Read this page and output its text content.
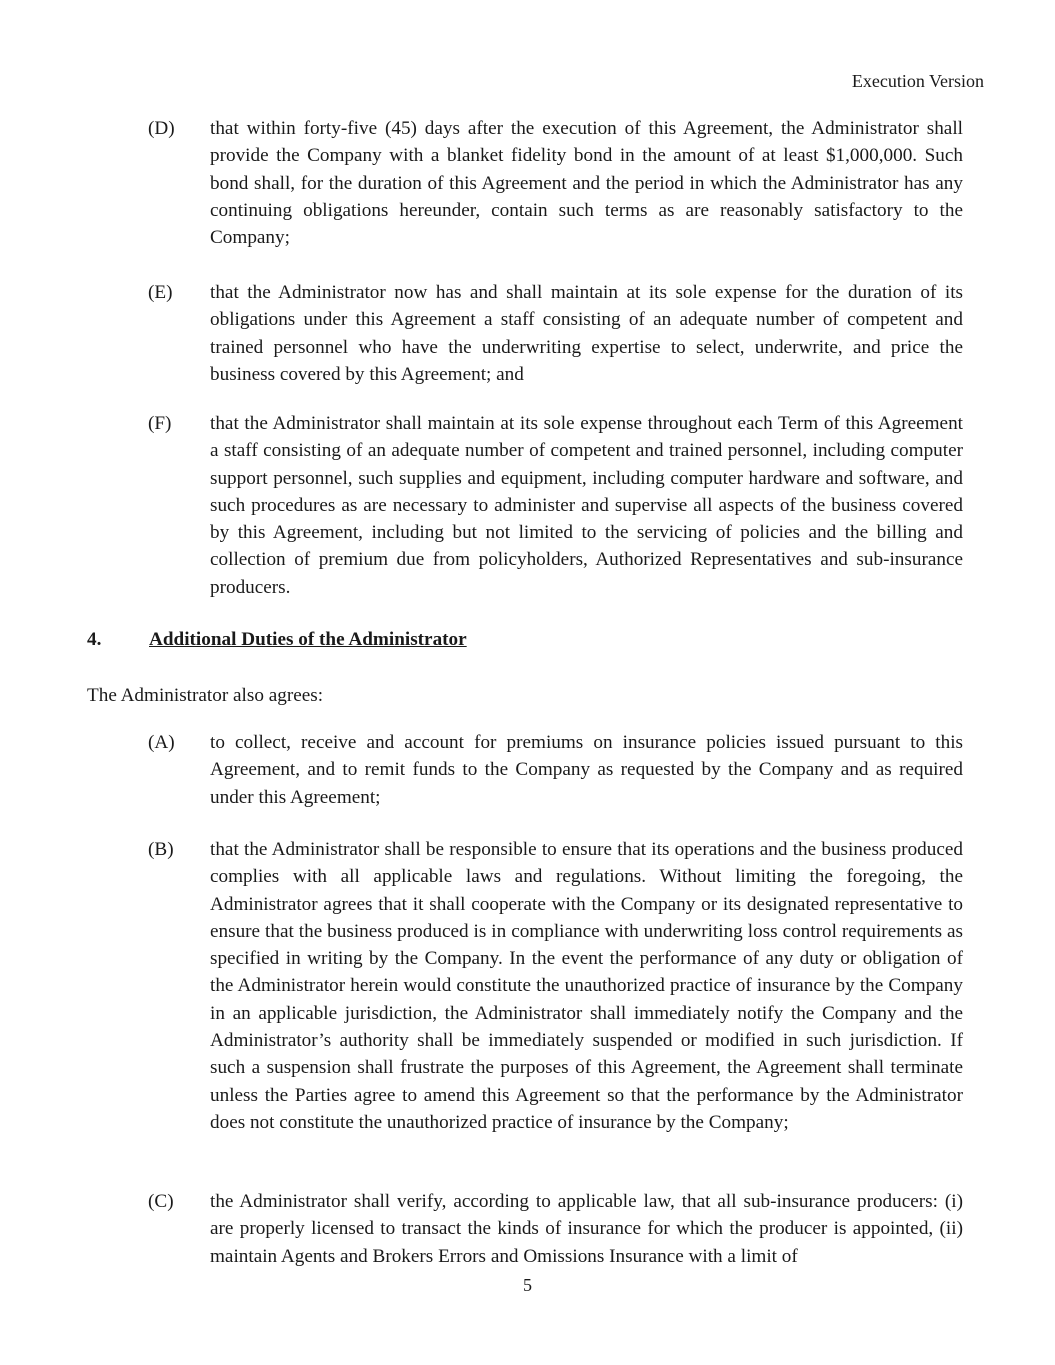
Execution Version
(D) that within forty-five (45) days after the execution of this Agreement, the Administrator shall provide the Company with a blanket fidelity bond in the amount of at least $1,000,000. Such bond shall, for the duration of this Agreement and the period in which the Administrator has any continuing obligations hereunder, contain such terms as are reasonably satisfactory to the Company;
(E) that the Administrator now has and shall maintain at its sole expense for the duration of its obligations under this Agreement a staff consisting of an adequate number of competent and trained personnel who have the underwriting expertise to select, underwrite, and price the business covered by this Agreement; and
(F) that the Administrator shall maintain at its sole expense throughout each Term of this Agreement a staff consisting of an adequate number of competent and trained personnel, including computer support personnel, such supplies and equipment, including computer hardware and software, and such procedures as are necessary to administer and supervise all aspects of the business covered by this Agreement, including but not limited to the servicing of policies and the billing and collection of premium due from policyholders, Authorized Representatives and sub-insurance producers.
4. Additional Duties of the Administrator
The Administrator also agrees:
(A) to collect, receive and account for premiums on insurance policies issued pursuant to this Agreement, and to remit funds to the Company as requested by the Company and as required under this Agreement;
(B) that the Administrator shall be responsible to ensure that its operations and the business produced complies with all applicable laws and regulations. Without limiting the foregoing, the Administrator agrees that it shall cooperate with the Company or its designated representative to ensure that the business produced is in compliance with underwriting loss control requirements as specified in writing by the Company. In the event the performance of any duty or obligation of the Administrator herein would constitute the unauthorized practice of insurance by the Company in an applicable jurisdiction, the Administrator shall immediately notify the Company and the Administrator’s authority shall be immediately suspended or modified in such jurisdiction. If such a suspension shall frustrate the purposes of this Agreement, the Agreement shall terminate unless the Parties agree to amend this Agreement so that the performance by the Administrator does not constitute the unauthorized practice of insurance by the Company;
(C) the Administrator shall verify, according to applicable law, that all sub-insurance producers: (i) are properly licensed to transact the kinds of insurance for which the producer is appointed, (ii) maintain Agents and Brokers Errors and Omissions Insurance with a limit of
5
